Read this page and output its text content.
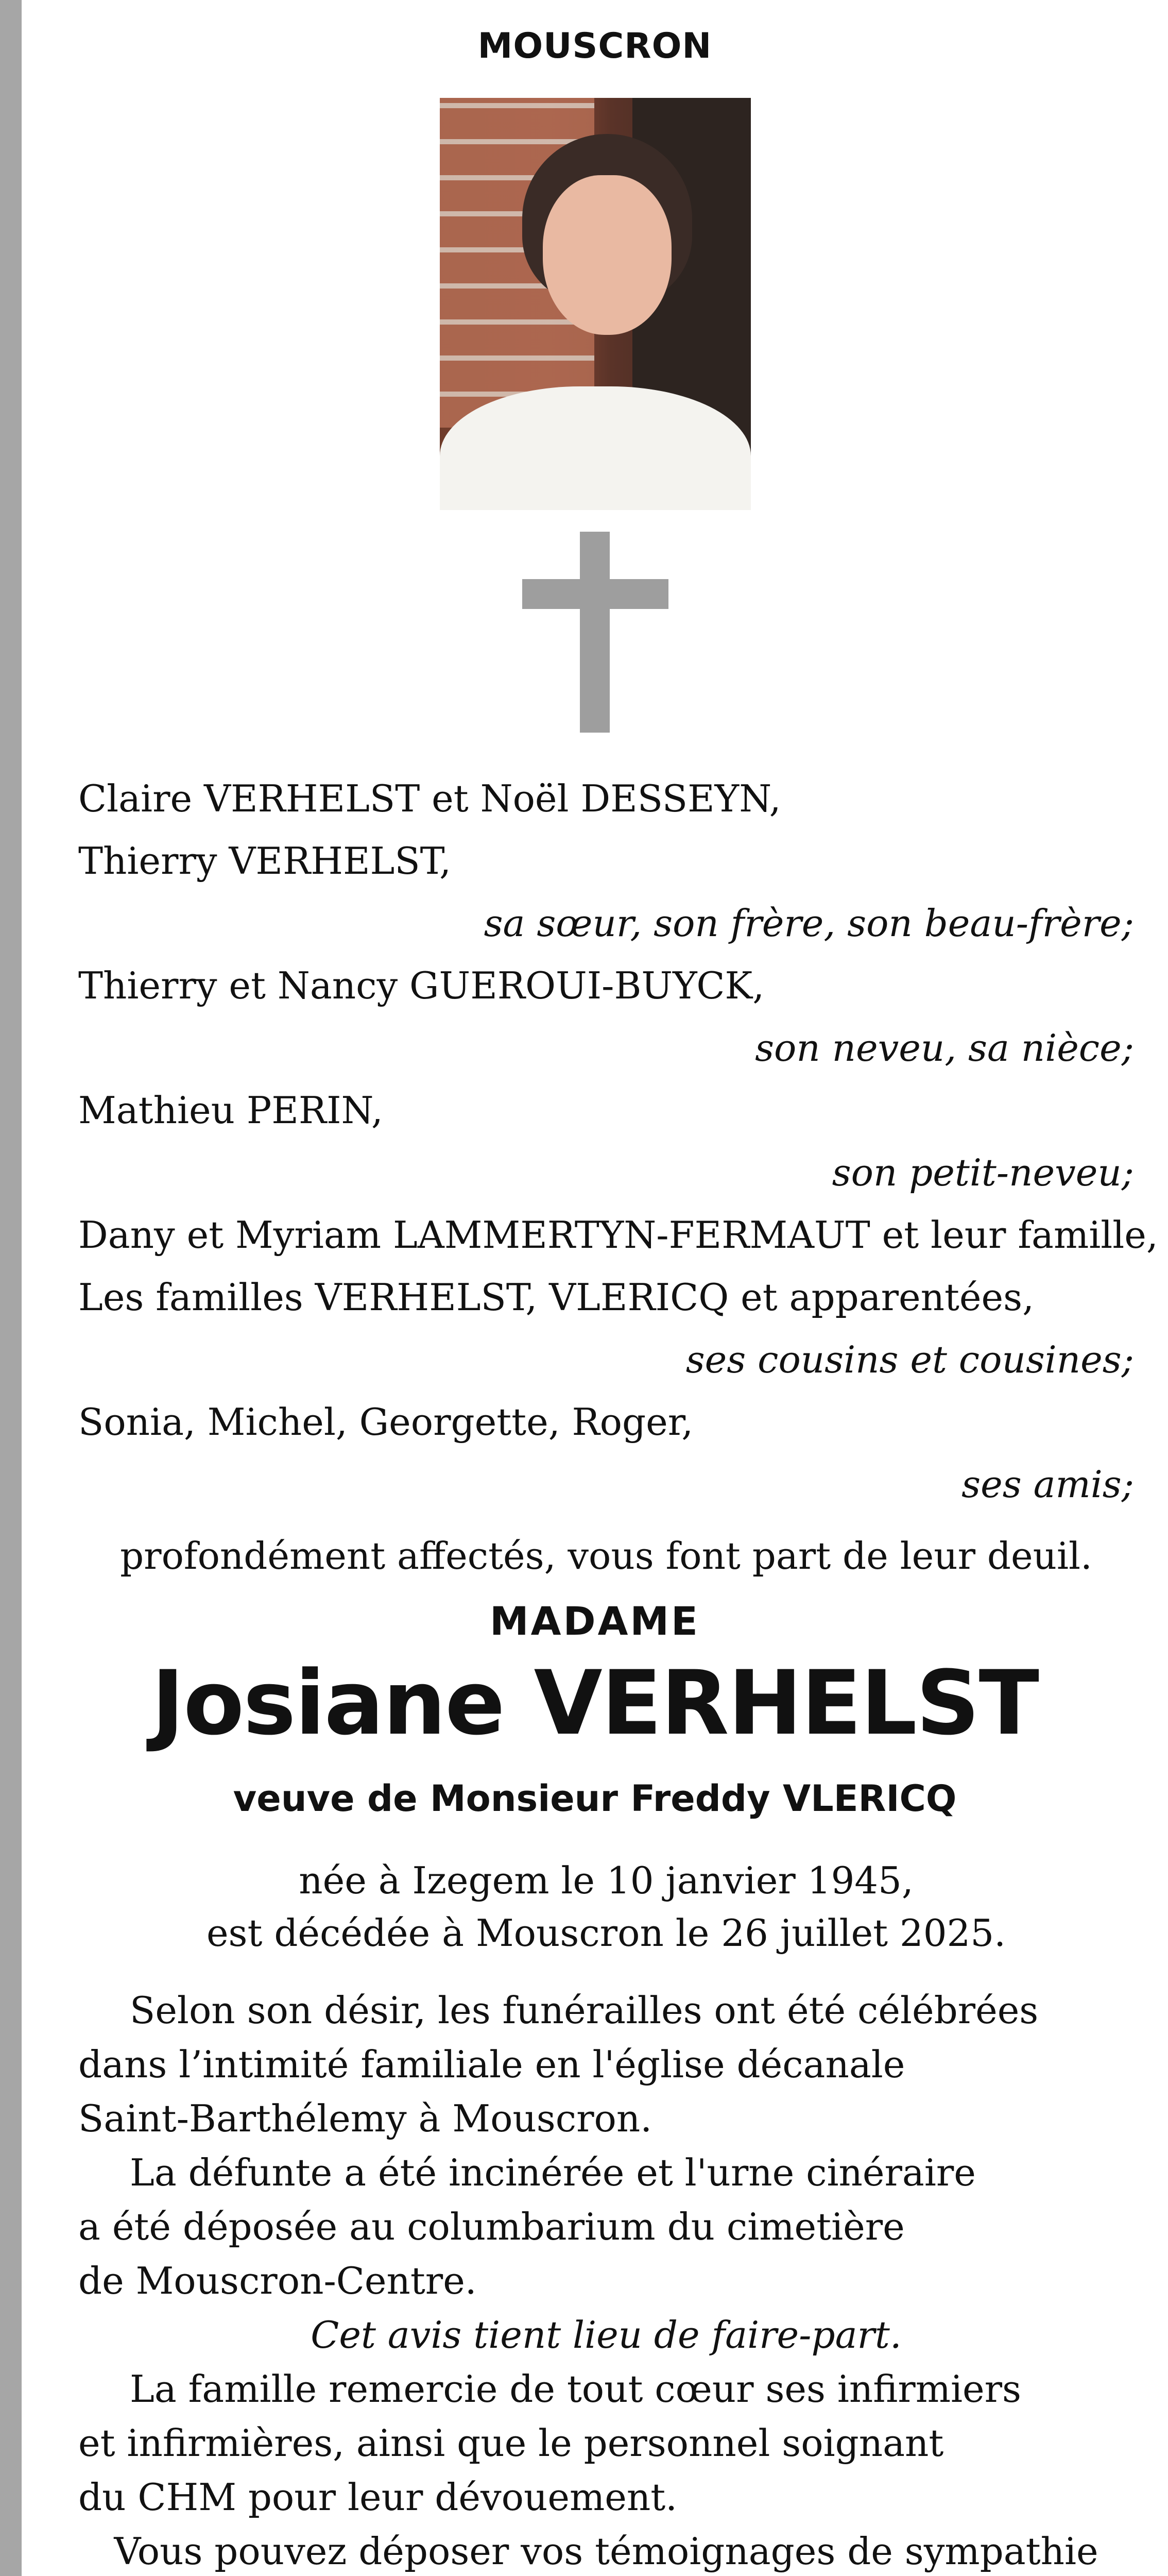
MOUSCRON
Claire VERHELST et Noël DESSEYN,
Thierry VERHELST,
sa sœur, son frère, son beau-frère;
Thierry et Nancy GUEROUI-BUYCK,
son neveu, sa nièce;
Mathieu PERIN,
son petit-neveu;
Dany et Myriam LAMMERTYN-FERMAUT et leur famille,
Les familles VERHELST, VLERICQ et apparentées,
ses cousins et cousines;
Sonia, Michel, Georgette, Roger,
ses amis;
profondément affectés, vous font part de leur deuil.
MADAME
Josiane VERHELST
veuve de Monsieur Freddy VLERICQ
née à Izegem le 10 janvier 1945,
est décédée à Mouscron le 26 juillet 2025.
Selon son désir, les funérailles ont été célébrées
dans l’intimité familiale en l'église décanale
Saint-Barthélemy à Mouscron.
La défunte a été incinérée et l'urne cinéraire
a été déposée au columbarium du cimetière
de Mouscron-Centre.
Cet avis tient lieu de faire-part.
La famille remercie de tout cœur ses infirmiers
et infirmières, ainsi que le personnel soignant
du CHM pour leur dévouement.
Vous pouvez déposer vos témoignages de sympathie
